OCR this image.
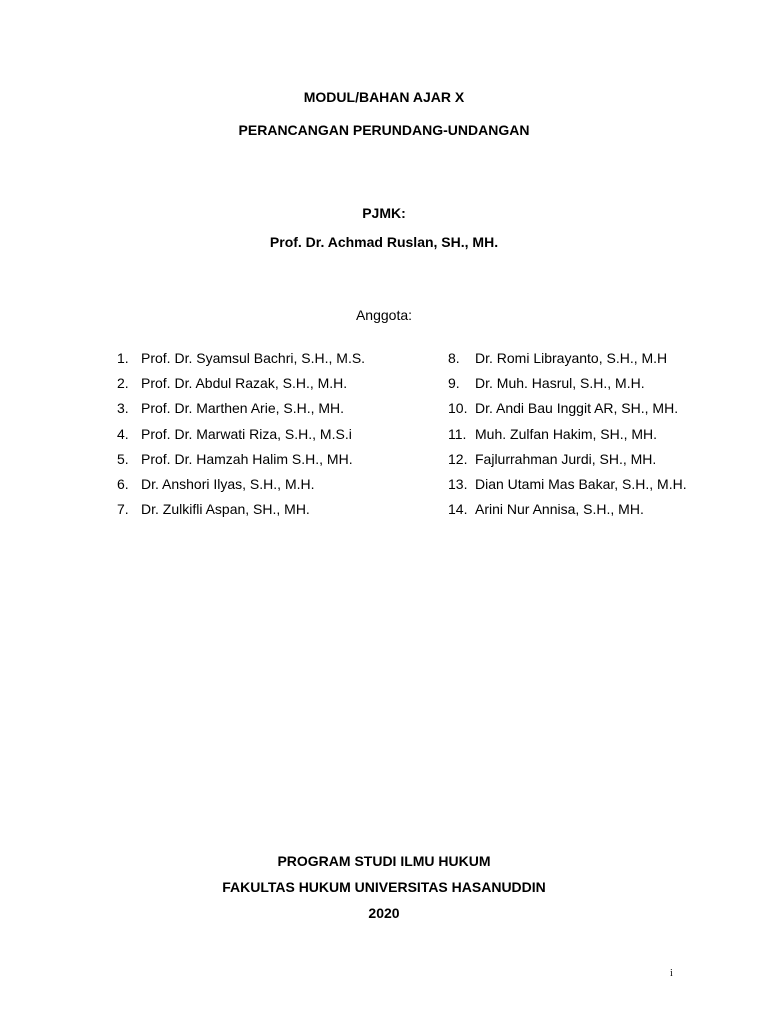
MODUL/BAHAN AJAR X
PERANCANGAN PERUNDANG-UNDANGAN
PJMK:
Prof. Dr. Achmad Ruslan, SH., MH.
Anggota:
1. Prof. Dr. Syamsul Bachri, S.H., M.S.
2. Prof. Dr. Abdul Razak, S.H., M.H.
3. Prof. Dr. Marthen Arie, S.H., MH.
4. Prof. Dr. Marwati Riza, S.H., M.S.i
5. Prof. Dr. Hamzah Halim S.H., MH.
6. Dr. Anshori Ilyas, S.H., M.H.
7. Dr. Zulkifli Aspan, SH., MH.
8. Dr. Romi Librayanto, S.H., M.H
9. Dr. Muh. Hasrul, S.H., M.H.
10. Dr. Andi Bau Inggit AR, SH., MH.
11. Muh. Zulfan Hakim, SH., MH.
12. Fajlurrahman Jurdi, SH., MH.
13. Dian Utami Mas Bakar, S.H., M.H.
14. Arini Nur Annisa, S.H., MH.
PROGRAM STUDI ILMU HUKUM
FAKULTAS HUKUM UNIVERSITAS HASANUDDIN
2020
i
